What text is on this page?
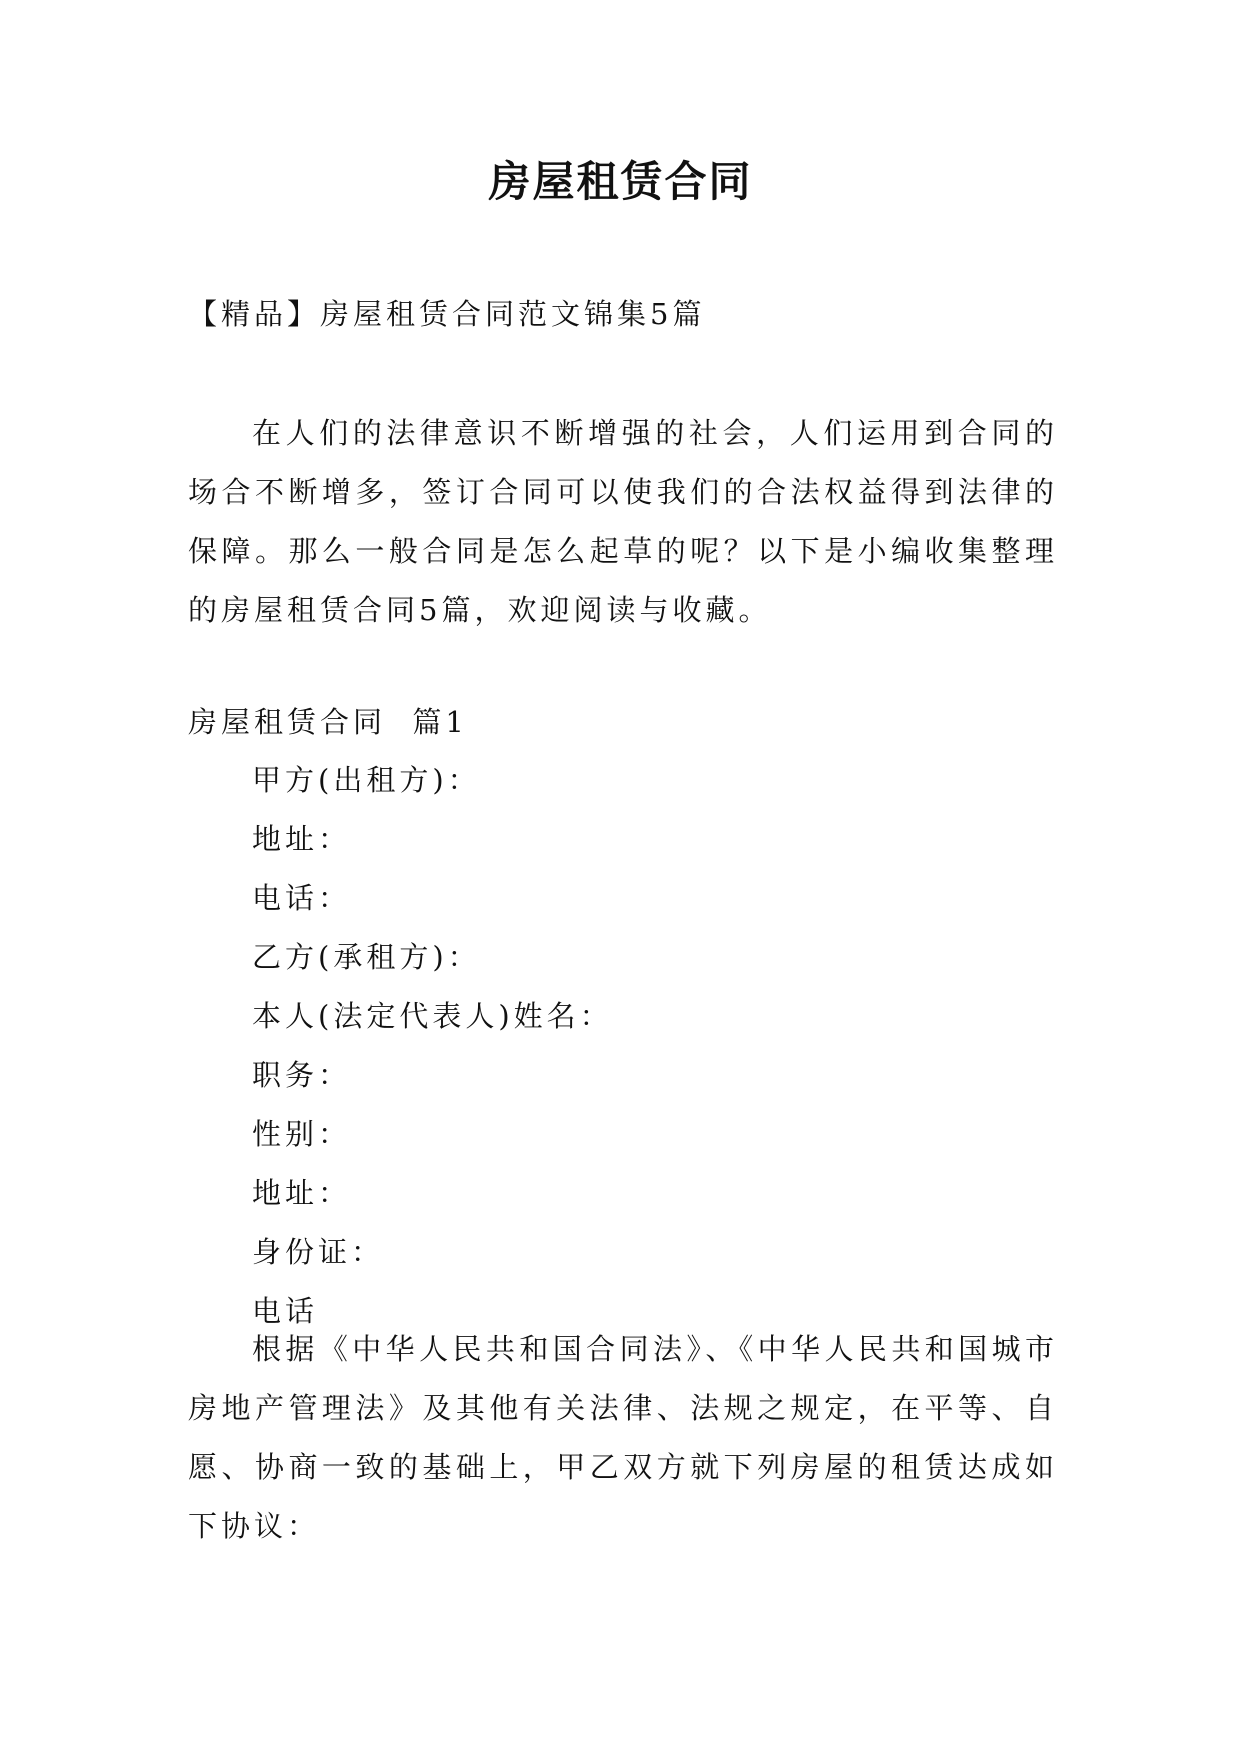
房屋租赁合同

【精品】房屋租赁合同范文锦集5篇

在人们的法律意识不断增强的社会，人们运用到合同的场合不断增多，签订合同可以使我们的合法权益得到法律的保障。那么一般合同是怎么起草的呢？以下是小编收集整理的房屋租赁合同5篇，欢迎阅读与收藏。

房屋租赁合同  篇1

甲方(出租方)：
地址：
电话：
乙方(承租方)：
本人(法定代表人)姓名：
职务：
性别：
地址：
身份证：
电话

根据《中华人民共和国合同法》、《中华人民共和国城市房地产管理法》及其他有关法律、法规之规定，在平等、自愿、协商一致的基础上，甲乙双方就下列房屋的租赁达成如下协议：
